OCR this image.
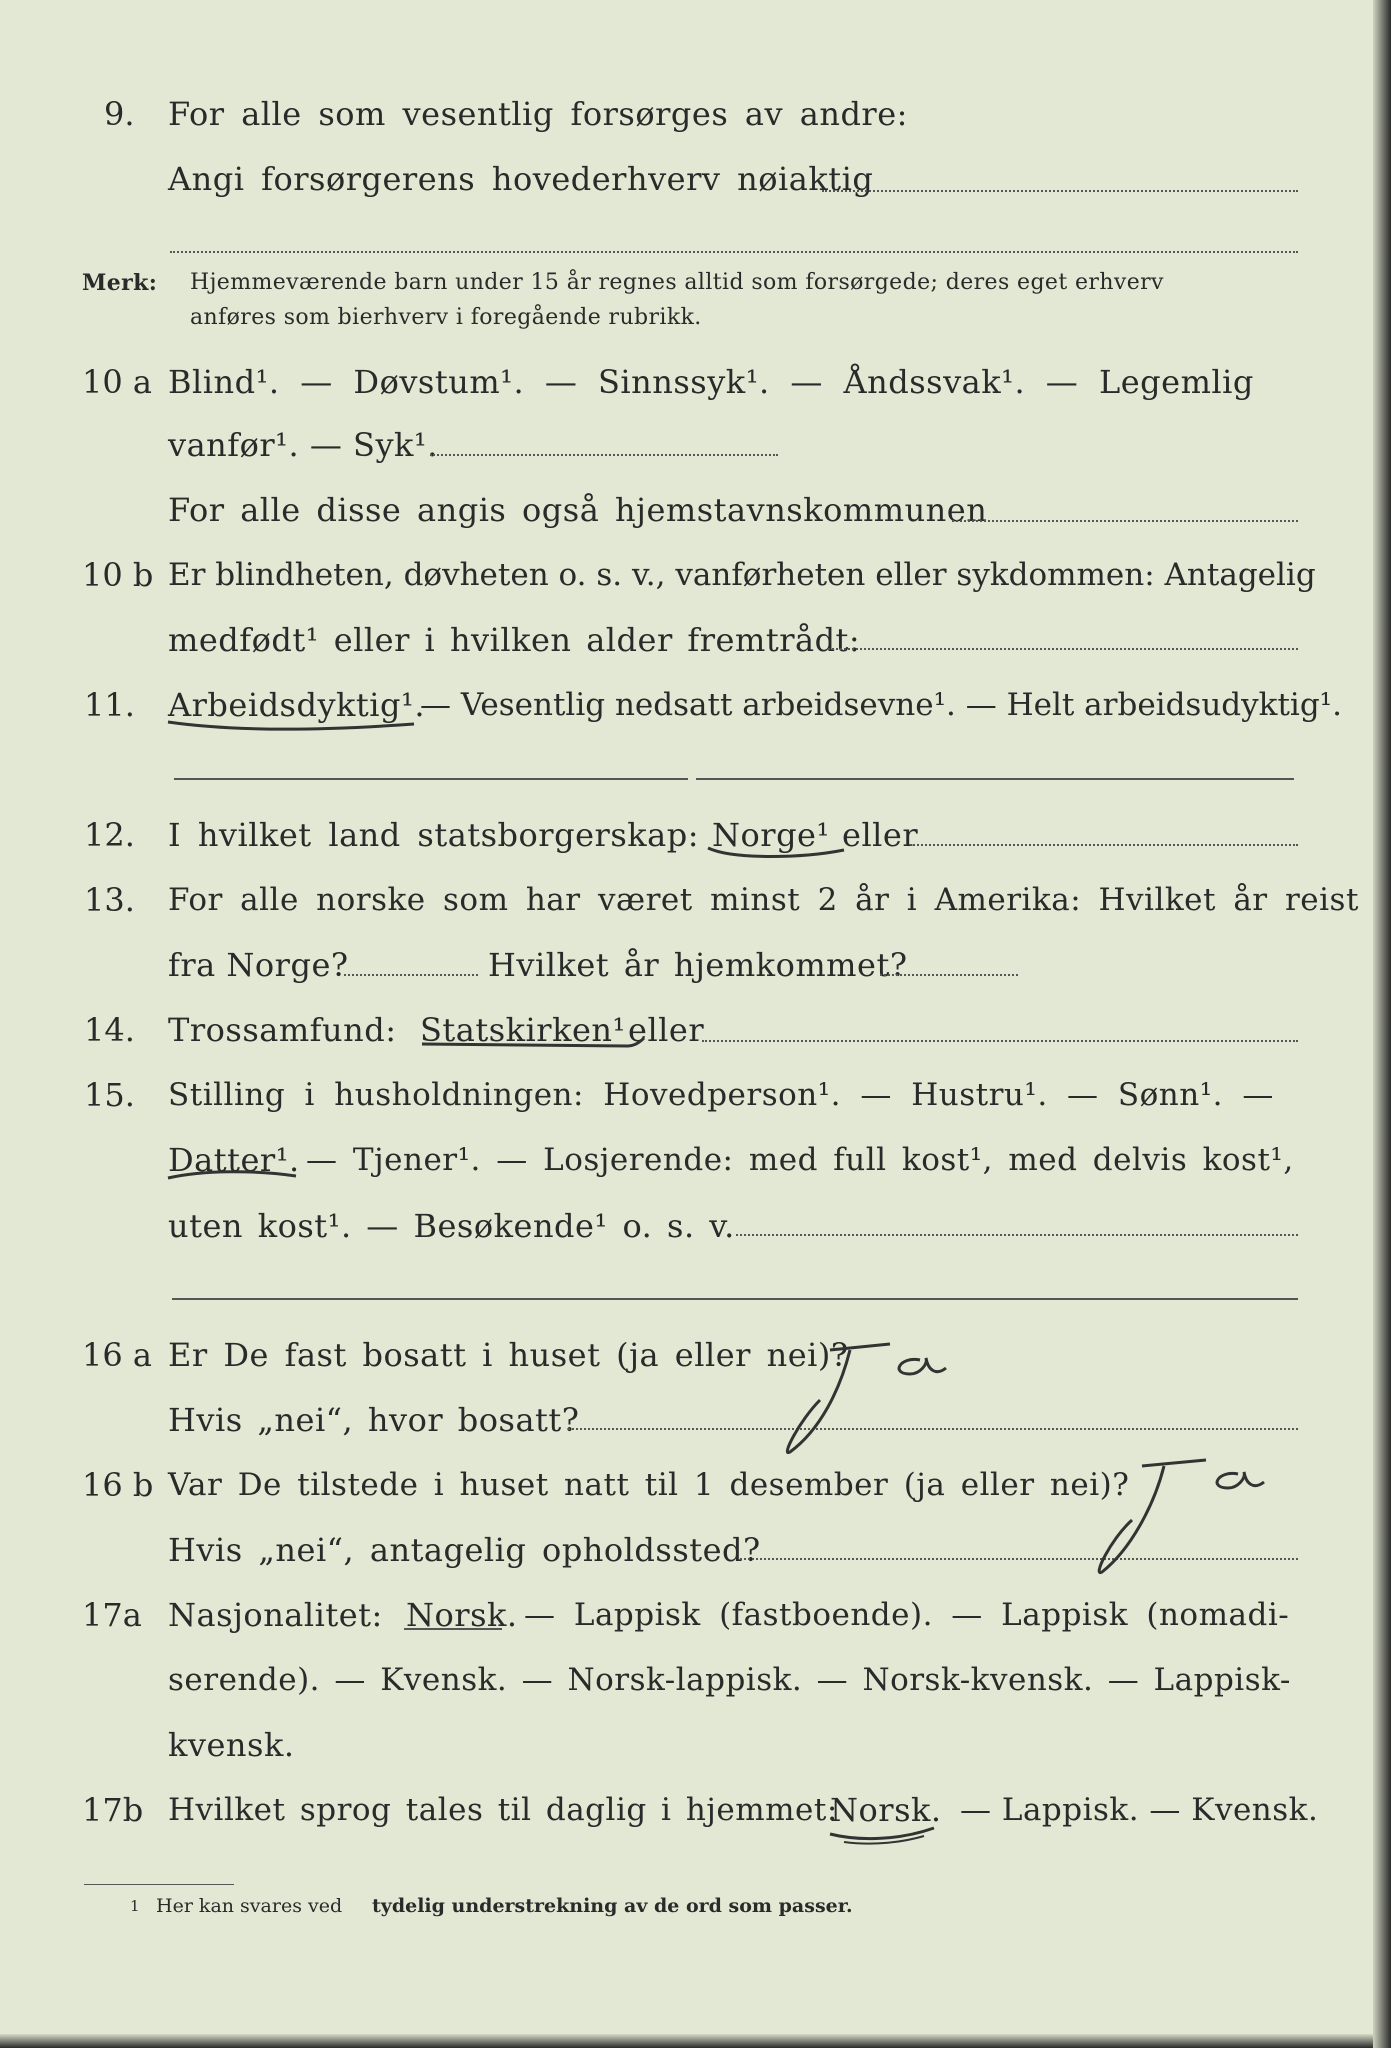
9. For alle som vesentlig forsørges av andre:
Angi forsørgerens hovederhverv nøiaktig
Merk: Hjemmeværende barn under 15 år regnes alltid som forsørgede; deres eget erhverv
anføres som bierhverv i foregående rubrikk.
10 a Blind¹. — Døvstum¹. — Sinnssyk¹. — Åndssvak¹. — Legemlig
vanfør¹. — Syk¹.
For alle disse angis også hjemstavnskommunen
10 b Er blindheten, døvheten o. s. v., vanførheten eller sykdommen: Antagelig
medfødt¹ eller i hvilken alder fremtrådt:
11. Arbeidsdyktig¹.
— Vesentlig nedsatt arbeidsevne¹. — Helt arbeidsudyktig¹.
12. I hvilket land statsborgerskap: Norge¹ eller
13. For alle norske som har været minst 2 år i Amerika: Hvilket år reist
fra Norge?	Hvilket år hjemkommet?
14. Trossamfund: Statskirken¹ eller
15. Stilling i husholdningen: Hovedperson¹. — Hustru¹. — Sønn¹. —
Datter¹. — Tjener¹. — Losjerende: med full kost¹, med delvis kost¹,
uten kost¹. — Besøkende¹ o. s. v.
16 a Er De fast bosatt i huset (ja eller nei)?
Hvis „nei“, hvor bosatt?
16 b Var De tilstede i huset natt til 1 desember (ja eller nei)?
Hvis „nei“, antagelig opholdssted?
17a Nasjonalitet: Norsk. — Lappisk (fastboende). — Lappisk (nomadi-
serende). — Kvensk. — Norsk-lappisk. — Norsk-kvensk. — Lappisk-
kvensk.
17b Hvilket sprog tales til daglig i hjemmet:
Norsk. — Lappisk. — Kvensk.
1 Her kan svares ved tydelig understrekning av de ord som passer.
